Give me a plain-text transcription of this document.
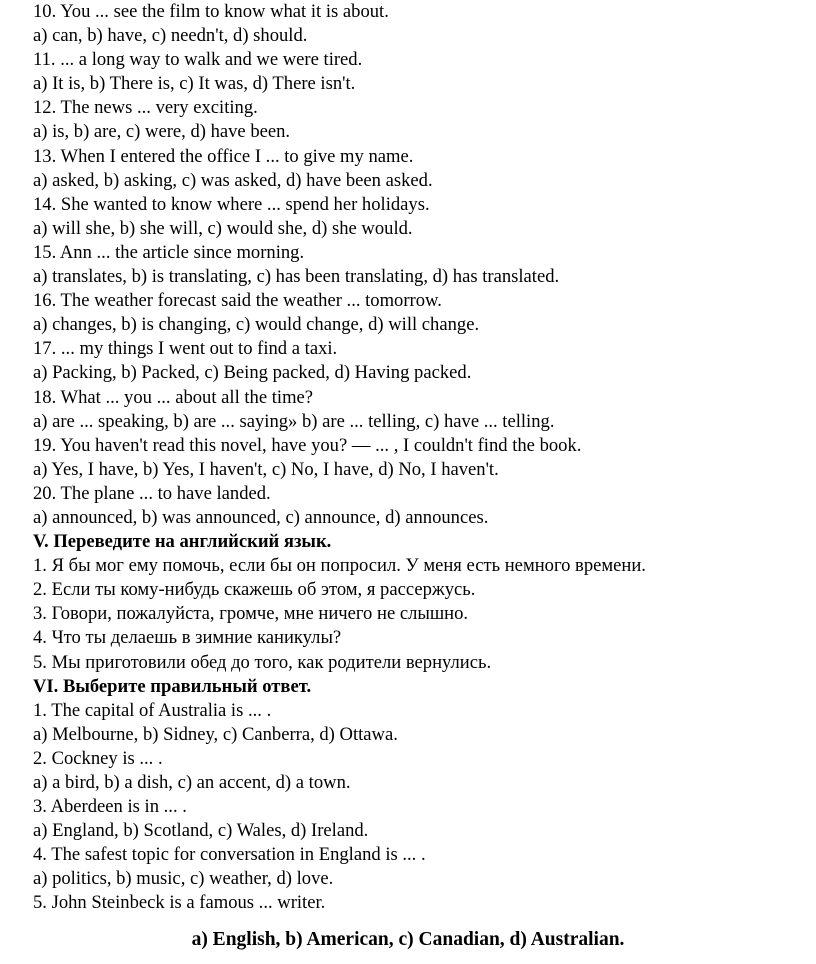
10. You ... see the film to know what it is about.
a) can, b) have, c) needn't, d) should.
11. ... a long way to walk and we were tired.
a) It is, b) There is, c) It was, d) There isn't.
12. The news ... very exciting.
a) is, b) are, c) were, d) have been.
13. When I entered the office I ... to give my name.
a) asked, b) asking, c) was asked, d) have been asked.
14. She wanted to know where ... spend her holidays.
a) will she, b) she will, c) would she, d) she would.
15. Ann ... the article since morning.
a) translates, b) is translating, c) has been translating, d) has translated.
16. The weather forecast said the weather ... tomorrow.
a) changes, b) is changing, c) would change, d) will change.
17. ... my things I went out to find a taxi.
a) Packing, b) Packed, c) Being packed, d) Having packed.
18. What ... you ... about all the time?
a) are ... speaking, b) are ... saying» b) are ... telling, c) have ... telling.
19. You haven't read this novel, have you? — ... , I couldn't find the book.
a) Yes, I have, b) Yes, I haven't, c) No, I have, d) No, I haven't.
20. The plane ... to have landed.
a) announced, b) was announced, c) announce, d) announces.
V. Переведите на английский язык.
1. Я бы мог ему помочь, если бы он попросил. У меня есть немного времени.
2. Если ты кому-нибудь скажешь об этом, я рассержусь.
3. Говори, пожалуйста, громче, мне ничего не слышно.
4. Что ты делаешь в зимние каникулы?
5. Мы приготовили обед до того, как родители вернулись.
VI. Выберите правильный ответ.
1. The capital of Australia is ... .
a) Melbourne, b) Sidney, c) Canberra, d) Ottawa.
2. Cockney is ... .
a) a bird, b) a dish, c) an accent, d) a town.
3. Aberdeen is in ... .
a) England, b) Scotland, c) Wales, d) Ireland.
4. The safest topic for conversation in England is ... .
a) politics, b) music, c) weather, d) love.
5. John Steinbeck is a famous ... writer.
a) English, b) American, c) Canadian, d) Australian.
